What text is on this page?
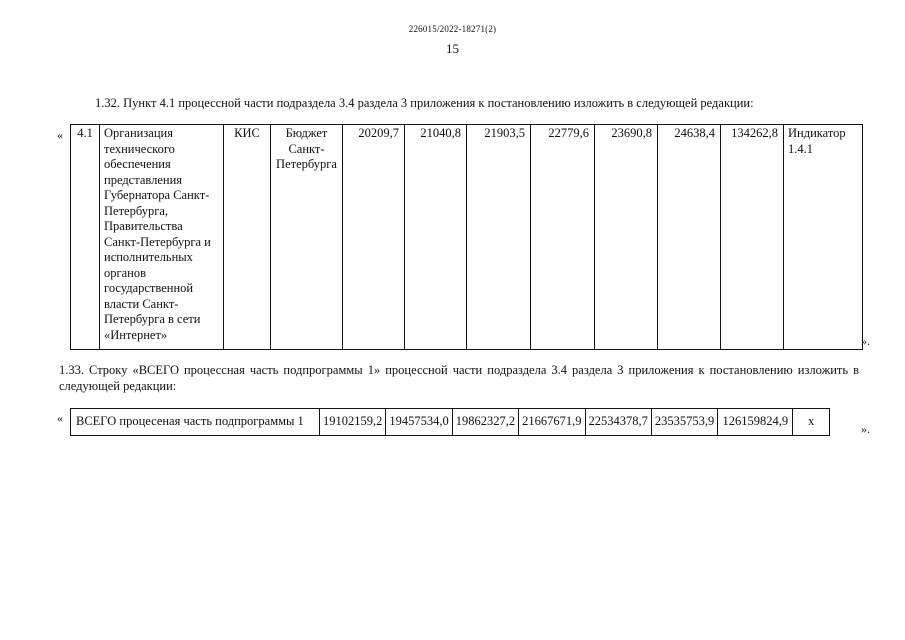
226015/2022-18271(2)
15
1.32. Пункт 4.1 процессной части подраздела 3.4 раздела 3 приложения к постановлению изложить в следующей редакции:
« 4.1	Организация технического обеспечения представления Губернатора Санкт-Петербурга, Правительства Санкт-Петербурга и исполнительных органов государственной власти Санкт-Петербурга в сети «Интернет»	КИС	Бюджет Санкт-Петербурга	20209,7	21040,8	21903,5	22779,6	23690,8	24638,4	134262,8	Индикатор 1.4.1
».
1.33. Строку «ВСЕГО процессная часть подпрограммы 1» процессной части подраздела 3.4 раздела 3 приложения к постановлению изложить в следующей редакции:
« ВСЕГО процесеная часть подпрограммы 1	19102159,2	19457534,0	19862327,2	21667671,9	22534378,7	23535753,9	126159824,9	х
».
